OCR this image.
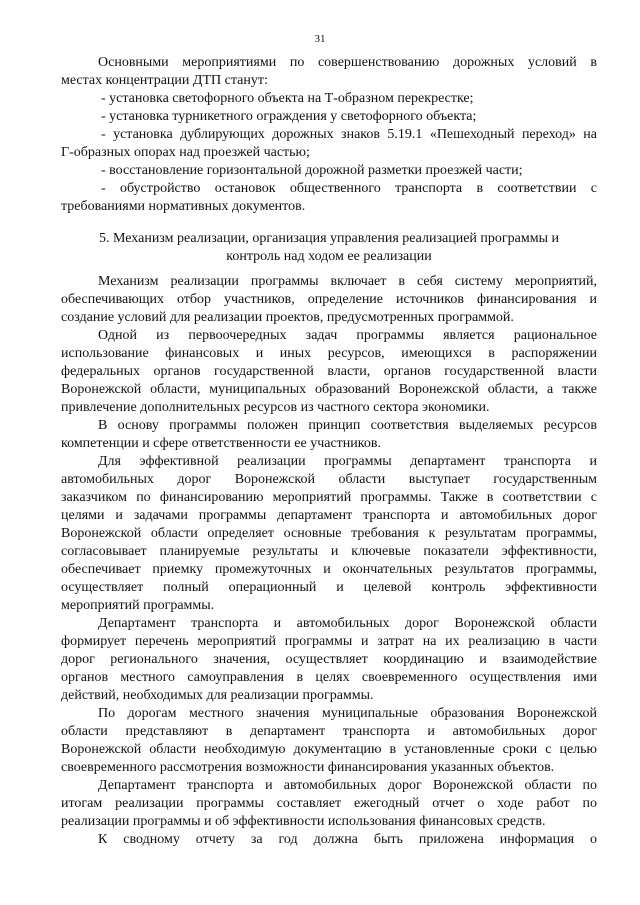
31
Основными мероприятиями по совершенствованию дорожных условий в
местах концентрации ДТП станут:
- установка светофорного объекта на Т-образном перекрестке;
- установка турникетного ограждения у светофорного объекта;
- установка дублирующих дорожных знаков 5.19.1 «Пешеходный переход» на
Г-образных опорах над проезжей частью;
- восстановление горизонтальной дорожной разметки проезжей части;
- обустройство остановок общественного транспорта в соответствии с
требованиями нормативных документов.
5. Механизм реализации, организация управления реализацией программы и
контроль над ходом ее реализации
Механизм реализации программы включает в себя систему мероприятий,
обеспечивающих отбор участников, определение источников финансирования и
создание условий для реализации проектов, предусмотренных программой.
Одной из первоочередных задач программы является рациональное
использование финансовых и иных ресурсов, имеющихся в распоряжении
федеральных органов государственной власти, органов государственной власти
Воронежской области, муниципальных образований Воронежской области, а также
привлечение дополнительных ресурсов из частного сектора экономики.
В основу программы положен принцип соответствия выделяемых ресурсов
компетенции и сфере ответственности ее участников.
Для эффективной реализации программы департамент транспорта и
автомобильных дорог Воронежской области выступает государственным
заказчиком по финансированию мероприятий программы. Также в соответствии с
целями и задачами программы департамент транспорта и автомобильных дорог
Воронежской области определяет основные требования к результатам программы,
согласовывает планируемые результаты и ключевые показатели эффективности,
обеспечивает приемку промежуточных и окончательных результатов программы,
осуществляет полный операционный и целевой контроль эффективности
мероприятий программы.
Департамент транспорта и автомобильных дорог Воронежской области
формирует перечень мероприятий программы и затрат на их реализацию в части
дорог регионального значения, осуществляет координацию и взаимодействие
органов местного самоуправления в целях своевременного осуществления ими
действий, необходимых для реализации программы.
По дорогам местного значения муниципальные образования Воронежской
области представляют в департамент транспорта и автомобильных дорог
Воронежской области необходимую документацию в установленные сроки с целью
своевременного рассмотрения возможности финансирования указанных объектов.
Департамент транспорта и автомобильных дорог Воронежской области по
итогам реализации программы составляет ежегодный отчет о ходе работ по
реализации программы и об эффективности использования финансовых средств.
К сводному отчету за год должна быть приложена информация о
